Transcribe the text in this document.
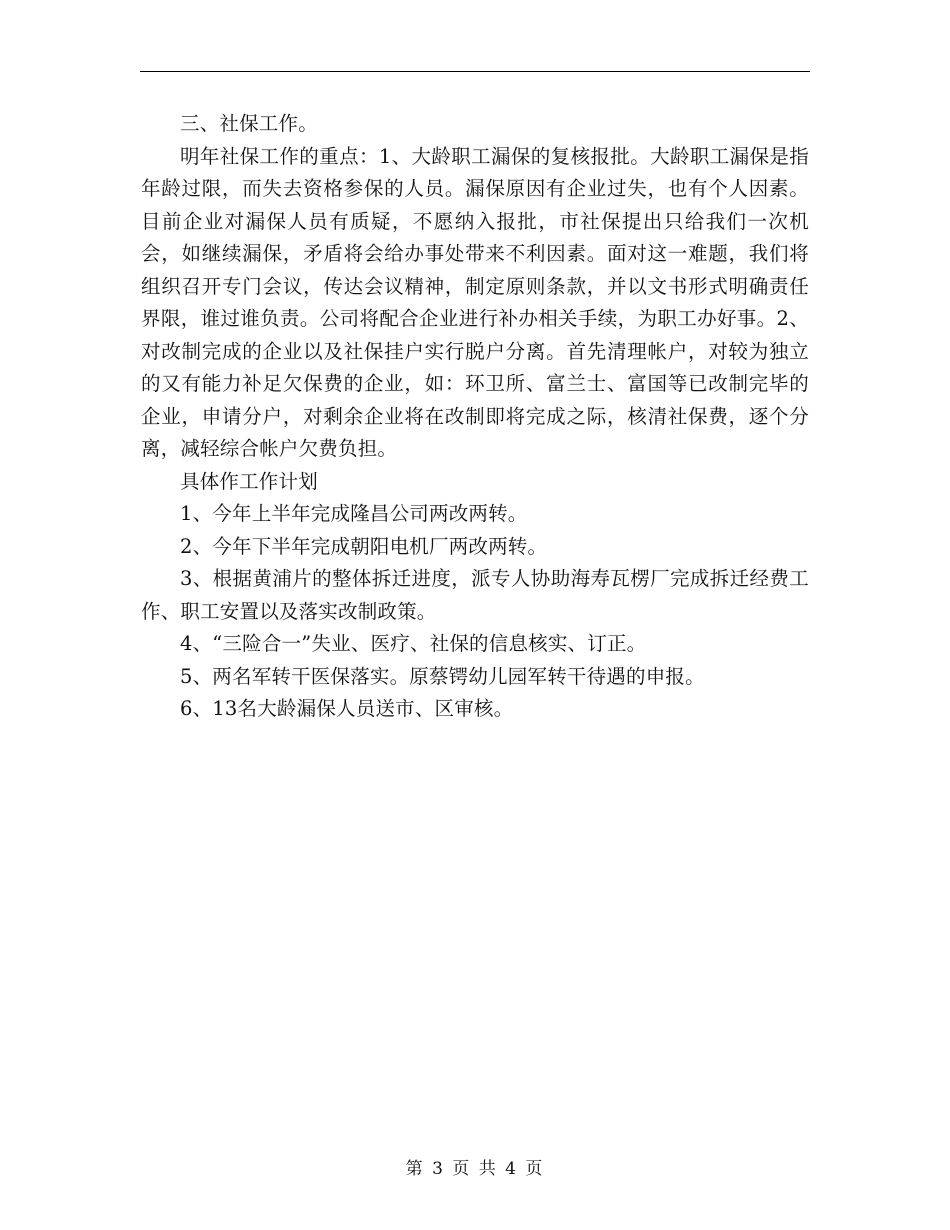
三、社保工作。

明年社保工作的重点：1、大龄职工漏保的复核报批。大龄职工漏保是指年龄过限，而失去资格参保的人员。漏保原因有企业过失，也有个人因素。目前企业对漏保人员有质疑，不愿纳入报批，市社保提出只给我们一次机会，如继续漏保，矛盾将会给办事处带来不利因素。面对这一难题，我们将组织召开专门会议，传达会议精神，制定原则条款，并以文书形式明确责任界限，谁过谁负责。公司将配合企业进行补办相关手续，为职工办好事。2、对改制完成的企业以及社保挂户实行脱户分离。首先清理帐户，对较为独立的又有能力补足欠保费的企业，如：环卫所、富兰士、富国等已改制完毕的企业，申请分户，对剩余企业将在改制即将完成之际，核清社保费，逐个分离，减轻综合帐户欠费负担。

具体作工作计划

1、今年上半年完成隆昌公司两改两转。

2、今年下半年完成朝阳电机厂两改两转。

3、根据黄浦片的整体拆迁进度，派专人协助海寿瓦楞厂完成拆迁经费工作、职工安置以及落实改制政策。

4、“三险合一”失业、医疗、社保的信息核实、订正。

5、两名军转干医保落实。原蔡锷幼儿园军转干待遇的申报。

6、13名大龄漏保人员送市、区审核。

第 3 页 共 4 页
